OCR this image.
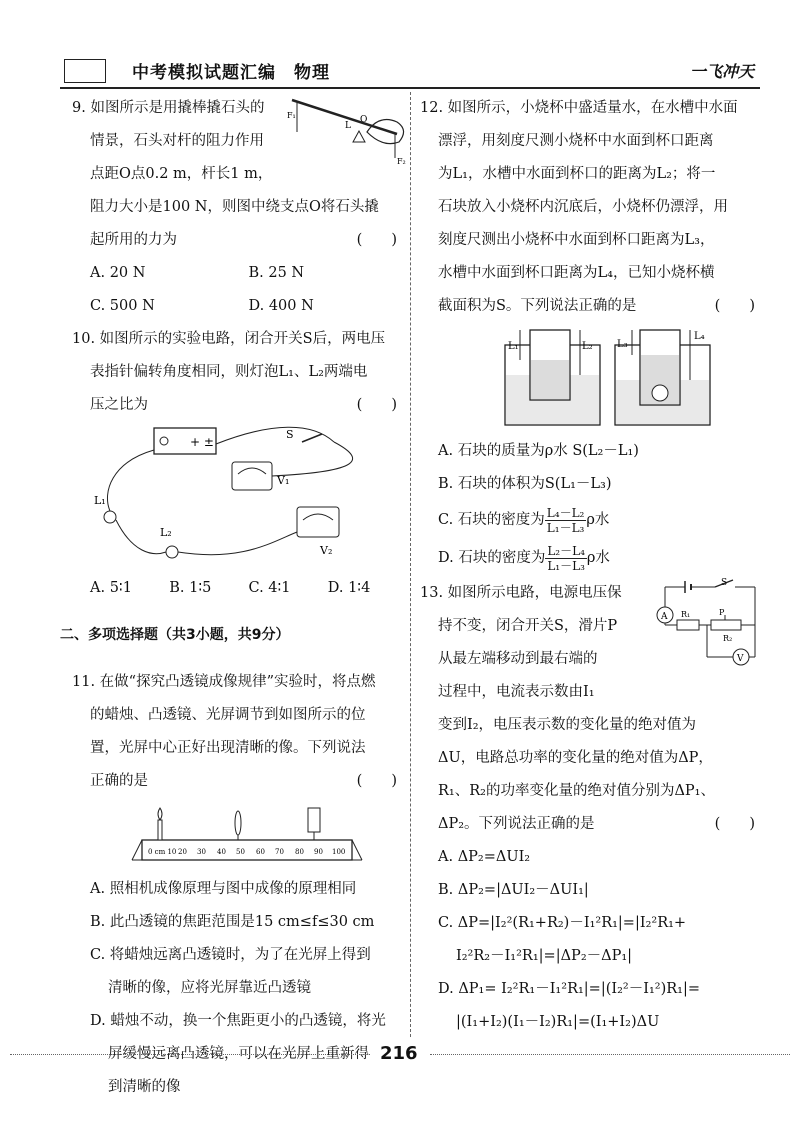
中考模拟试题汇编　物理	一飞冲天
F₁
L
O
F₂

9. 如图所示是用撬棒撬石头的

情景，石头对杆的阻力作用

点距O点0.2 m，杆长1 m，

阻力大小是100 N，则图中绕支点O将石头撬

起所用的力为	(　　)

A. 20 N	B. 25 N
C. 500 N	D. 400 N

10. 如图所示的实验电路，闭合开关S后，两电压

表指针偏转角度相同，则灯泡L₁、L₂两端电

压之比为	(　　)

+ ±
S
V₁
V₂
L₁
L₂
A. 5∶1	B. 1∶5	C. 4∶1	D. 1∶4

二、多项选择题（共3小题，共9分）

11. 在做“探究凸透镜成像规律”实验时，将点燃

的蜡烛、凸透镜、光屏调节到如图所示的位

置，光屏中心正好出现清晰的像。下列说法

正确的是	(　　)

0 cm 10 20 30 40 50 60 70 80 90 100

A. 照相机成像原理与图中成像的原理相同

B. 此凸透镜的焦距范围是15 cm≤f≤30 cm

C. 将蜡烛远离凸透镜时，为了在光屏上得到

清晰的像，应将光屏靠近凸透镜

D. 蜡烛不动，换一个焦距更小的凸透镜，将光

屏缓慢远离凸透镜，可以在光屏上重新得

到清晰的像

12. 如图所示，小烧杯中盛适量水，在水槽中水面

漂浮，用刻度尺测小烧杯中水面到杯口距离

为L₁，水槽中水面到杯口的距离为L₂；将一

石块放入小烧杯内沉底后，小烧杯仍漂浮，用

刻度尺测出小烧杯中水面到杯口距离为L₃，

水槽中水面到杯口距离为L₄，已知小烧杯横

截面积为S。下列说法正确的是	(　　)

L₁	L₂ L₃
L₄

A. 石块的质量为ρ水 S(L₂－L₁)

B. 石块的体积为S(L₁－L₃)

C. 石块的密度为 $\frac{\text{L₄－L₂}}{\text{L₁－L₃}}$ ρ水

D. 石块的密度为 $\frac{\text{L₂－L₄}}{\text{L₁－L₃}}$ ρ水

S
A R₁	P
R₂
V

13. 如图所示电路，电源电压保

持不变，闭合开关S，滑片P

从最左端移动到最右端的

过程中，电流表示数由I₁

变到I₂，电压表示数的变化量的绝对值为

ΔU，电路总功率的变化量的绝对值为ΔP，

R₁、R₂的功率变化量的绝对值分别为ΔP₁、

ΔP₂。下列说法正确的是	(　　)

A. ΔP₂=ΔUI₂

B. ΔP₂=|ΔUI₂－ΔUI₁|

C. ΔP=|I₂²(R₁+R₂)－I₁²R₁|=|I₂²R₁+

I₂²R₂－I₁²R₁|=|ΔP₂－ΔP₁|

D. ΔP₁= I₂²R₁－I₁²R₁|=|(I₂²－I₁²)R₁|=

|(I₁+I₂)(I₁－I₂)R₁|=(I₁+I₂)ΔU

216
